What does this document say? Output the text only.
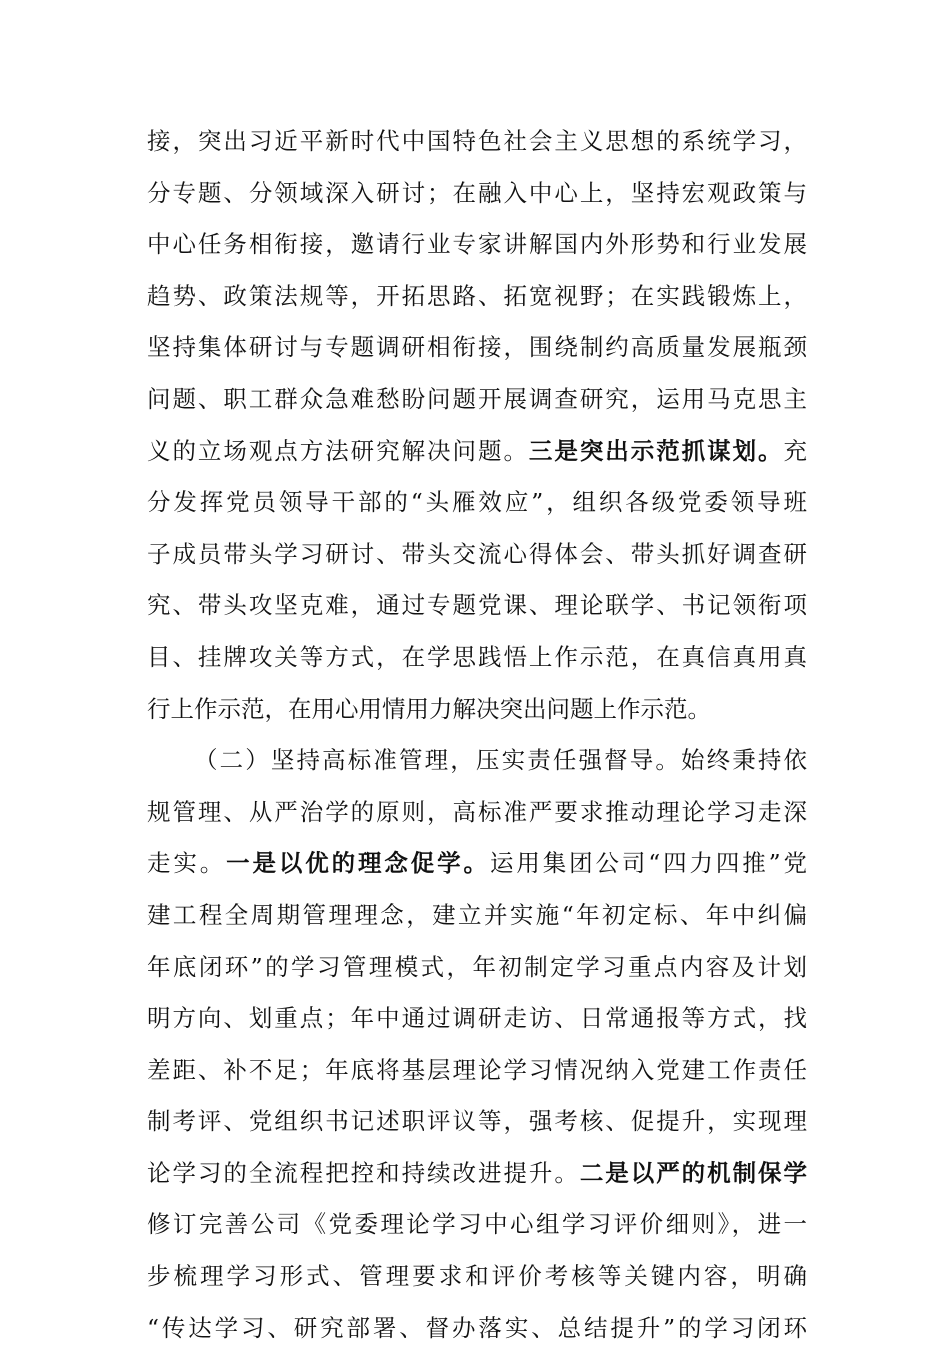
接，突出习近平新时代中国特色社会主义思想的系统学习，
分专题、分领域深入研讨；在融入中心上，坚持宏观政策与
中心任务相衔接，邀请行业专家讲解国内外形势和行业发展
趋势、政策法规等，开拓思路、拓宽视野；在实践锻炼上，
坚持集体研讨与专题调研相衔接，围绕制约高质量发展瓶颈
问题、职工群众急难愁盼问题开展调查研究，运用马克思主
义的立场观点方法研究解决问题。三是突出示范抓谋划。充
分发挥党员领导干部的“头雁效应”，组织各级党委领导班
子成员带头学习研讨、带头交流心得体会、带头抓好调查研
究、带头攻坚克难，通过专题党课、理论联学、书记领衔项
目、挂牌攻关等方式，在学思践悟上作示范，在真信真用真
行上作示范，在用心用情用力解决突出问题上作示范。
（二）坚持高标准管理，压实责任强督导。始终秉持依
规管理、从严治学的原则，高标准严要求推动理论学习走深
走实。一是以优的理念促学。运用集团公司“四力四推”党
建工程全周期管理理念，建立并实施“年初定标、年中纠偏
年底闭环”的学习管理模式，年初制定学习重点内容及计划
明方向、划重点；年中通过调研走访、日常通报等方式，找
差距、补不足；年底将基层理论学习情况纳入党建工作责任
制考评、党组织书记述职评议等，强考核、促提升，实现理
论学习的全流程把控和持续改进提升。二是以严的机制保学
修订完善公司《党委理论学习中心组学习评价细则》，进一
步梳理学习形式、管理要求和评价考核等关键内容，明确
“传达学习、研究部署、督办落实、总结提升”的学习闭环
